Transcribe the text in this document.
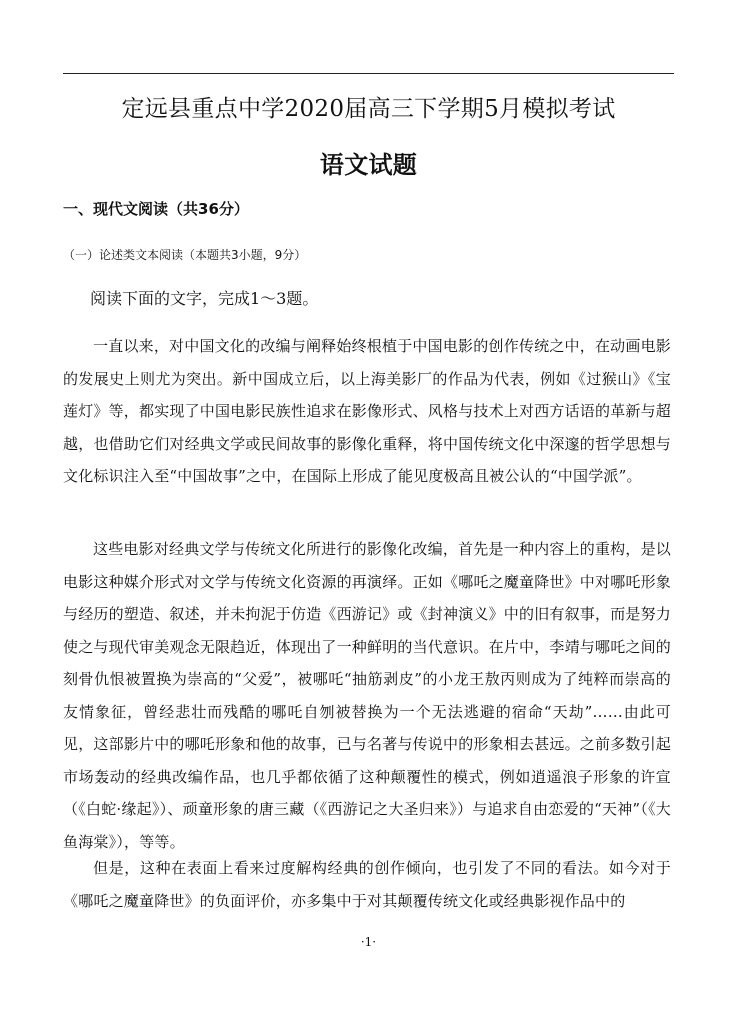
定远县重点中学2020届高三下学期5月模拟考试
语文试题
一、现代文阅读（共36分）
（一）论述类文本阅读（本题共3小题，9分）
阅读下面的文字，完成1～3题。

一直以来，对中国文化的改编与阐释始终根植于中国电影的创作传统之中，在动画电影的发展史上则尤为突出。新中国成立后，以上海美影厂的作品为代表，例如《过猴山》《宝莲灯》等，都实现了中国电影民族性追求在影像形式、风格与技术上对西方话语的革新与超越，也借助它们对经典文学或民间故事的影像化重释，将中国传统文化中深邃的哲学思想与文化标识注入至“中国故事”之中，在国际上形成了能见度极高且被公认的“中国学派”。

这些电影对经典文学与传统文化所进行的影像化改编，首先是一种内容上的重构，是以电影这种媒介形式对文学与传统文化资源的再演绎。正如《哪吒之魔童降世》中对哪吒形象与经历的塑造、叙述，并未拘泥于仿造《西游记》或《封神演义》中的旧有叙事，而是努力使之与现代审美观念无限趋近，体现出了一种鲜明的当代意识。在片中，李靖与哪吒之间的刻骨仇恨被置换为崇高的“父爱”，被哪吒“抽筋剥皮”的小龙王敖丙则成为了纯粹而崇高的友情象征，曾经悲壮而残酷的哪吒自刎被替换为一个无法逃避的宿命“天劫”……由此可见，这部影片中的哪吒形象和他的故事，已与名著与传说中的形象相去甚远。之前多数引起市场轰动的经典改编作品，也几乎都依循了这种颠覆性的模式，例如逍遥浪子形象的许宣（《白蛇·缘起》）、顽童形象的唐三藏（《西游记之大圣归来》）与追求自由恋爱的“天神”（《大鱼海棠》），等等。

但是，这种在表面上看来过度解构经典的创作倾向，也引发了不同的看法。如今对于《哪吒之魔童降世》的负面评价，亦多集中于对其颠覆传统文化或经典影视作品中的

·1·
